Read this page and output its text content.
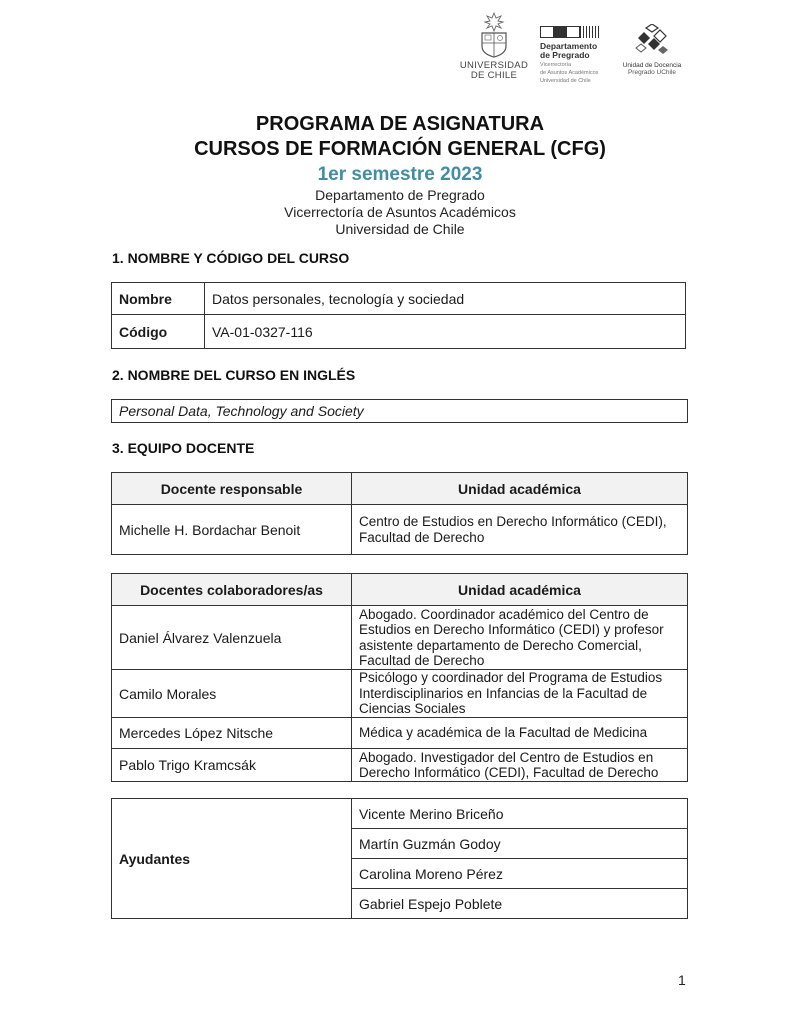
UNIVERSIDAD
DE CHILE
Departamento
de Pregrado
Vicerrectoría
de Asuntos Académicos
Universidad de Chile
Unidad de Docencia
Pregrado UChile
PROGRAMA DE ASIGNATURA
CURSOS DE FORMACIÓN GENERAL (CFG)
1er semestre 2023
Departamento de Pregrado
Vicerrectoría de Asuntos Académicos
Universidad de Chile
1. NOMBRE Y CÓDIGO DEL CURSO
Nombre	Datos personales, tecnología y sociedad
Código	VA-01-0327-116
2. NOMBRE DEL CURSO EN INGLÉS
Personal Data, Technology and Society
3. EQUIPO DOCENTE
Docente responsable	Unidad académica
Michelle H. Bordachar Benoit	Centro de Estudios en Derecho Informático (CEDI), Facultad de Derecho
Docentes colaboradores/as	Unidad académica
Daniel Álvarez Valenzuela	Abogado. Coordinador académico del Centro de Estudios en Derecho Informático (CEDI) y profesor asistente departamento de Derecho Comercial, Facultad de Derecho
Camilo Morales	Psicólogo y coordinador del Programa de Estudios Interdisciplinarios en Infancias de la Facultad de Ciencias Sociales
Mercedes López Nitsche	Médica y académica de la Facultad de Medicina
Pablo Trigo Kramcsák	Abogado. Investigador del Centro de Estudios en Derecho Informático (CEDI), Facultad de Derecho
Ayudantes	Vicente Merino Briceño
Martín Guzmán Godoy
Carolina Moreno Pérez
Gabriel Espejo Poblete
1
